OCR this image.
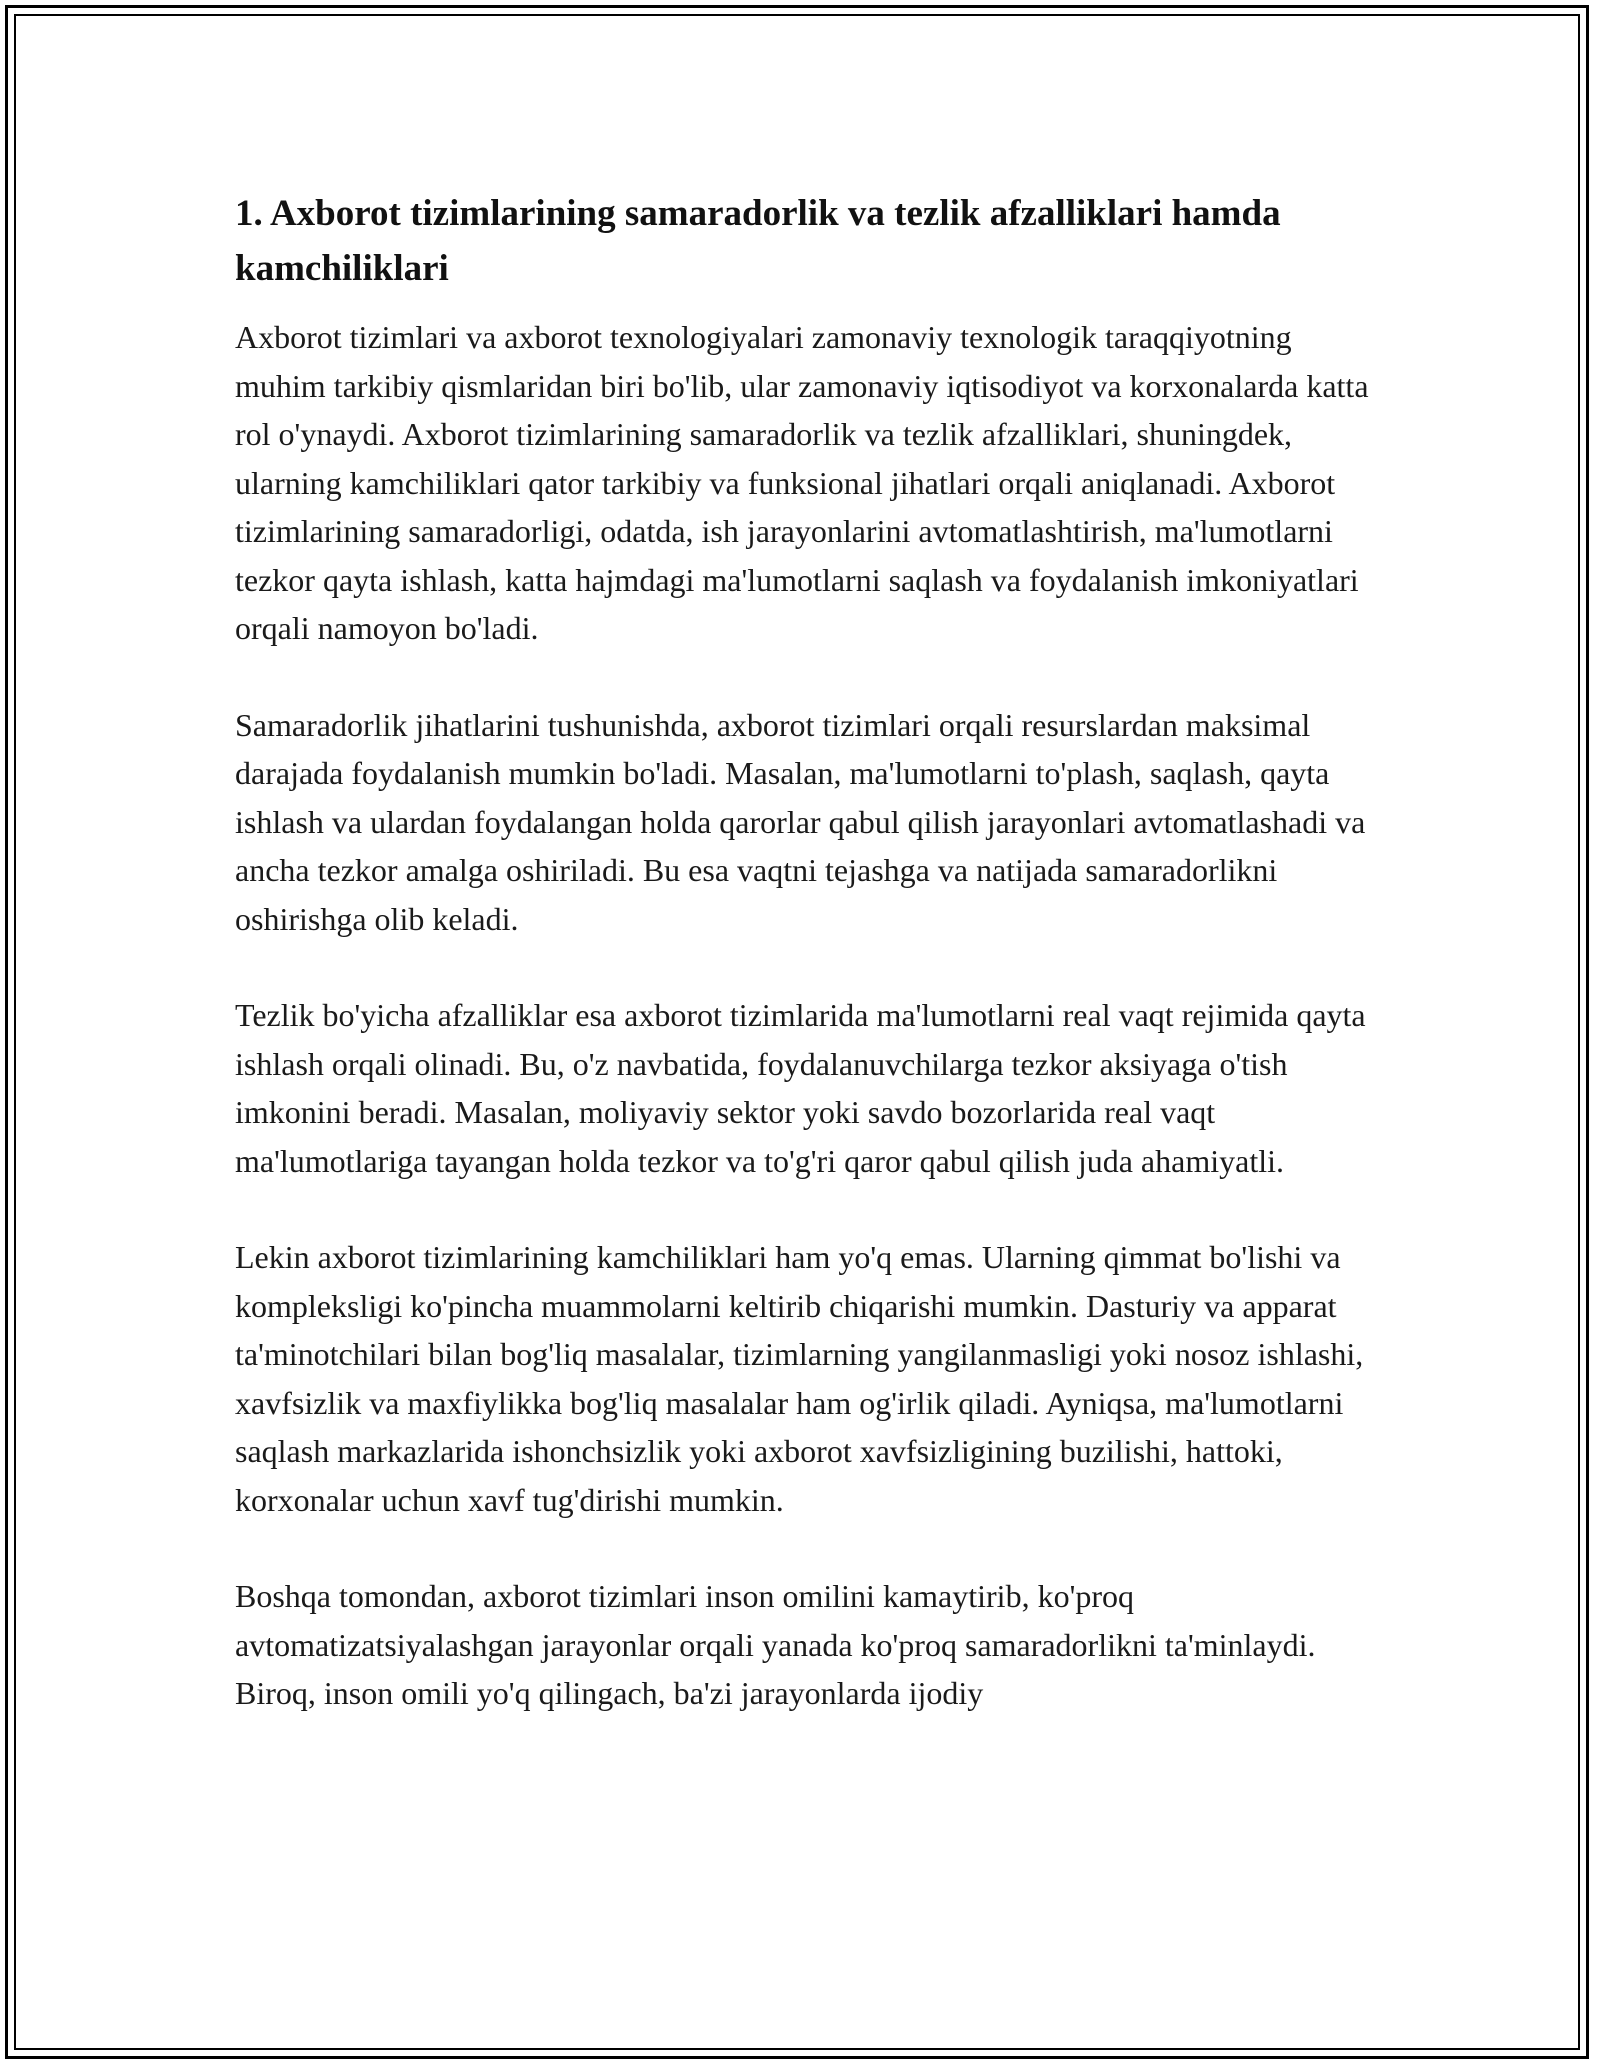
1. Axborot tizimlarining samaradorlik va tezlik afzalliklari hamda kamchiliklari

Axborot tizimlari va axborot texnologiyalari zamonaviy texnologik taraqqiyotning muhim tarkibiy qismlaridan biri bo'lib, ular zamonaviy iqtisodiyot va korxonalarda katta rol o'ynaydi. Axborot tizimlarining samaradorlik va tezlik afzalliklari, shuningdek, ularning kamchiliklari qator tarkibiy va funksional jihatlari orqali aniqlanadi. Axborot tizimlarining samaradorligi, odatda, ish jarayonlarini avtomatlashtirish, ma'lumotlarni tezkor qayta ishlash, katta hajmdagi ma'lumotlarni saqlash va foydalanish imkoniyatlari orqali namoyon bo'ladi.

Samaradorlik jihatlarini tushunishda, axborot tizimlari orqali resurslardan maksimal darajada foydalanish mumkin bo'ladi. Masalan, ma'lumotlarni to'plash, saqlash, qayta ishlash va ulardan foydalangan holda qarorlar qabul qilish jarayonlari avtomatlashadi va ancha tezkor amalga oshiriladi. Bu esa vaqtni tejashga va natijada samaradorlikni oshirishga olib keladi.

Tezlik bo'yicha afzalliklar esa axborot tizimlarida ma'lumotlarni real vaqt rejimida qayta ishlash orqali olinadi. Bu, o'z navbatida, foydalanuvchilarga tezkor aksiyaga o'tish imkonini beradi. Masalan, moliyaviy sektor yoki savdo bozorlarida real vaqt ma'lumotlariga tayangan holda tezkor va to'g'ri qaror qabul qilish juda ahamiyatli.

Lekin axborot tizimlarining kamchiliklari ham yo'q emas. Ularning qimmat bo'lishi va kompleksligi ko'pincha muammolarni keltirib chiqarishi mumkin. Dasturiy va apparat ta'minotchilari bilan bog'liq masalalar, tizimlarning yangilanmasligi yoki nosoz ishlashi, xavfsizlik va maxfiylikka bog'liq masalalar ham og'irlik qiladi. Ayniqsa, ma'lumotlarni saqlash markazlarida ishonchsizlik yoki axborot xavfsizligining buzilishi, hattoki, korxonalar uchun xavf tug'dirishi mumkin.

Boshqa tomondan, axborot tizimlari inson omilini kamaytirib, ko'proq avtomatizatsiyalashgan jarayonlar orqali yanada ko'proq samaradorlikni ta'minlaydi. Biroq, inson omili yo'q qilingach, ba'zi jarayonlarda ijodiy
